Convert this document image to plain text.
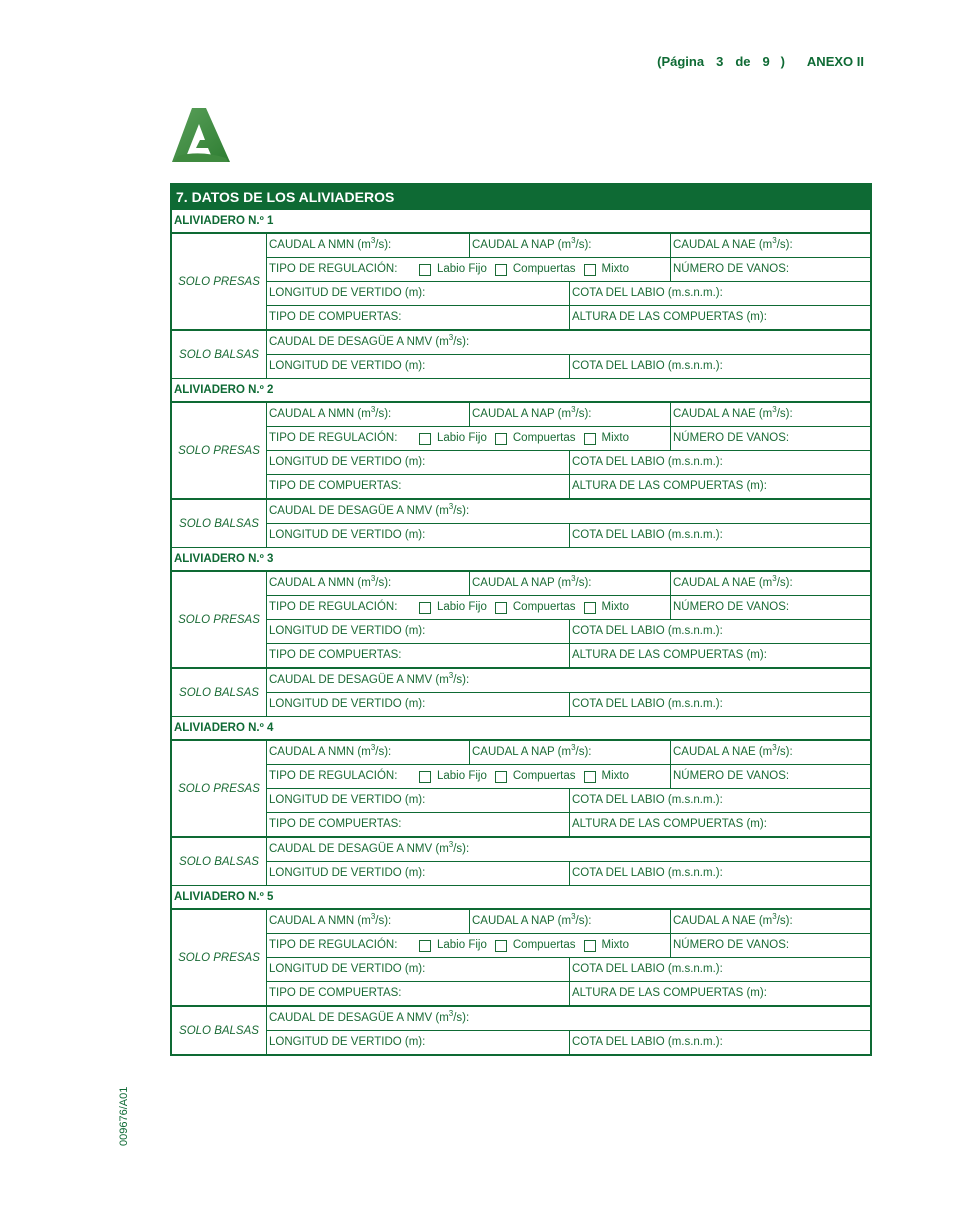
(Página 3 de 9 ) ANEXO II
009676/A01
7. DATOS DE LOS ALIVIADEROS
ALIVIADERO N.º 1
SOLO PRESAS
CAUDAL A NMN $(m^3/s)$:	CAUDAL A NAP $(m^3/s)$:	CAUDAL A NAE $(m^3/s)$:
TIPO DE REGULACIÓN:	Labio Fijo Compuertas Mixto	NÚMERO DE VANOS:
LONGITUD DE VERTIDO (m):	COTA DEL LABIO (m.s.n.m.):
TIPO DE COMPUERTAS:	ALTURA DE LAS COMPUERTAS (m):
SOLO BALSAS
CAUDAL DE DESAGÜE A NMV $(m^3/s)$:
LONGITUD DE VERTIDO (m):	COTA DEL LABIO (m.s.n.m.):
ALIVIADERO N.º 2
SOLO PRESAS
CAUDAL A NMN $(m^3/s)$:	CAUDAL A NAP $(m^3/s)$:	CAUDAL A NAE $(m^3/s)$:
TIPO DE REGULACIÓN:	Labio Fijo Compuertas Mixto	NÚMERO DE VANOS:
LONGITUD DE VERTIDO (m):	COTA DEL LABIO (m.s.n.m.):
TIPO DE COMPUERTAS:	ALTURA DE LAS COMPUERTAS (m):
SOLO BALSAS
CAUDAL DE DESAGÜE A NMV $(m^3/s)$:
LONGITUD DE VERTIDO (m):	COTA DEL LABIO (m.s.n.m.):
ALIVIADERO N.º 3
SOLO PRESAS
CAUDAL A NMN $(m^3/s)$:	CAUDAL A NAP $(m^3/s)$:	CAUDAL A NAE $(m^3/s)$:
TIPO DE REGULACIÓN:	Labio Fijo Compuertas Mixto	NÚMERO DE VANOS:
LONGITUD DE VERTIDO (m):	COTA DEL LABIO (m.s.n.m.):
TIPO DE COMPUERTAS:	ALTURA DE LAS COMPUERTAS (m):
SOLO BALSAS
CAUDAL DE DESAGÜE A NMV $(m^3/s)$:
LONGITUD DE VERTIDO (m):	COTA DEL LABIO (m.s.n.m.):
ALIVIADERO N.º 4
SOLO PRESAS
CAUDAL A NMN $(m^3/s)$:	CAUDAL A NAP $(m^3/s)$:	CAUDAL A NAE $(m^3/s)$:
TIPO DE REGULACIÓN:	Labio Fijo Compuertas Mixto	NÚMERO DE VANOS:
LONGITUD DE VERTIDO (m):	COTA DEL LABIO (m.s.n.m.):
TIPO DE COMPUERTAS:	ALTURA DE LAS COMPUERTAS (m):
SOLO BALSAS
CAUDAL DE DESAGÜE A NMV $(m^3/s)$:
LONGITUD DE VERTIDO (m):	COTA DEL LABIO (m.s.n.m.):
ALIVIADERO N.º 5
SOLO PRESAS
CAUDAL A NMN $(m^3/s)$:	CAUDAL A NAP $(m^3/s)$:	CAUDAL A NAE $(m^3/s)$:
TIPO DE REGULACIÓN:	Labio Fijo Compuertas Mixto	NÚMERO DE VANOS:
LONGITUD DE VERTIDO (m):	COTA DEL LABIO (m.s.n.m.):
TIPO DE COMPUERTAS:	ALTURA DE LAS COMPUERTAS (m):
SOLO BALSAS
CAUDAL DE DESAGÜE A NMV $(m^3/s)$:
LONGITUD DE VERTIDO (m):	COTA DEL LABIO (m.s.n.m.):
